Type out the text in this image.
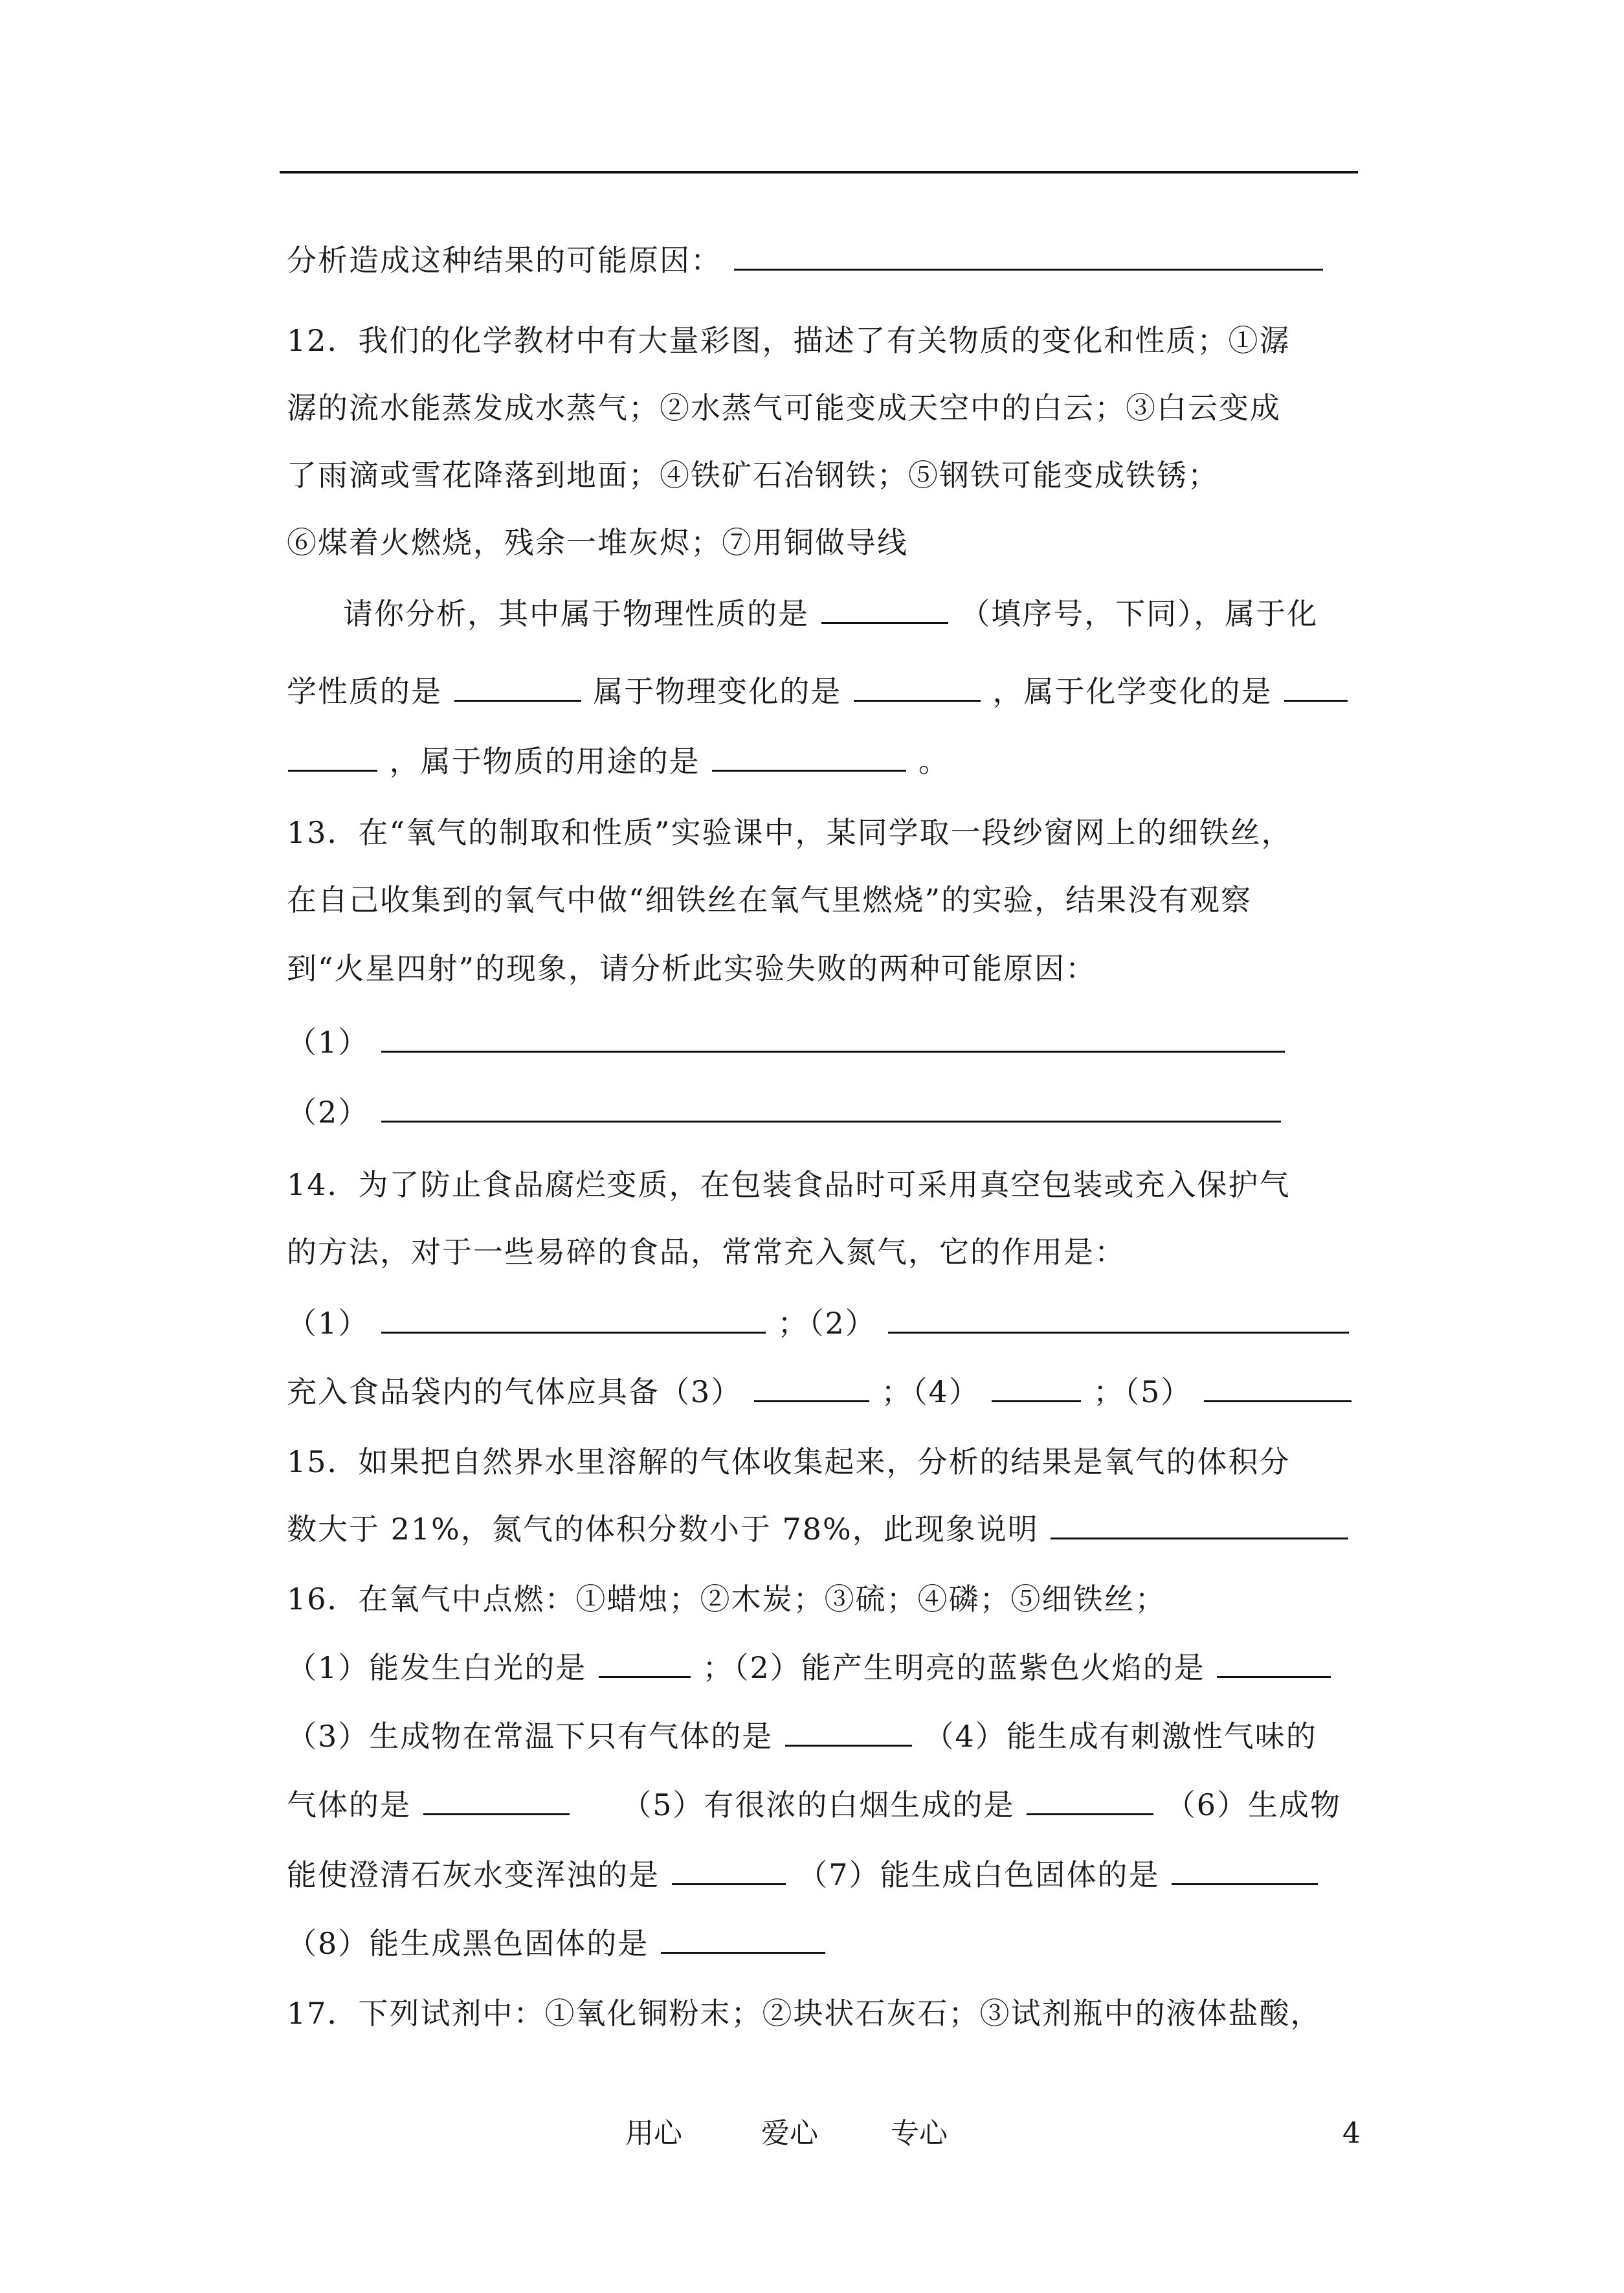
分析造成这种结果的可能原因：
12．我们的化学教材中有大量彩图，描述了有关物质的变化和性质；①潺
潺的流水能蒸发成水蒸气；②水蒸气可能变成天空中的白云；③白云变成
了雨滴或雪花降落到地面；④铁矿石冶钢铁；⑤钢铁可能变成铁锈；
⑥煤着火燃烧，残余一堆灰烬；⑦用铜做导线
请你分析，其中属于物理性质的是	（填序号，下同），属于化
学性质的是	属于物理变化的是	，属于化学变化的是
，属于物质的用途的是	。
13．在“氧气的制取和性质”实验课中，某同学取一段纱窗网上的细铁丝，
在自己收集到的氧气中做“细铁丝在氧气里燃烧”的实验，结果没有观察
到“火星四射”的现象，请分析此实验失败的两种可能原因：
（1）
（2）
14．为了防止食品腐烂变质，在包装食品时可采用真空包装或充入保护气
的方法，对于一些易碎的食品，常常充入氮气，它的作用是：
（1）	；（2）
充入食品袋内的气体应具备（3）	；（4）	；（5）
15．如果把自然界水里溶解的气体收集起来，分析的结果是氧气的体积分
数大于 21%，氮气的体积分数小于 78%，此现象说明
16．在氧气中点燃：①蜡烛；②木炭；③硫；④磷；⑤细铁丝；
（1）能发生白光的是	；（2）能产生明亮的蓝紫色火焰的是
（3）生成物在常温下只有气体的是	（4）能生成有刺激性气味的
气体的是	（5）有很浓的白烟生成的是	（6）生成物
能使澄清石灰水变浑浊的是	（7）能生成白色固体的是
（8）能生成黑色固体的是
17．下列试剂中：①氧化铜粉末；②块状石灰石；③试剂瓶中的液体盐酸，
用心	爱心	专心	4
